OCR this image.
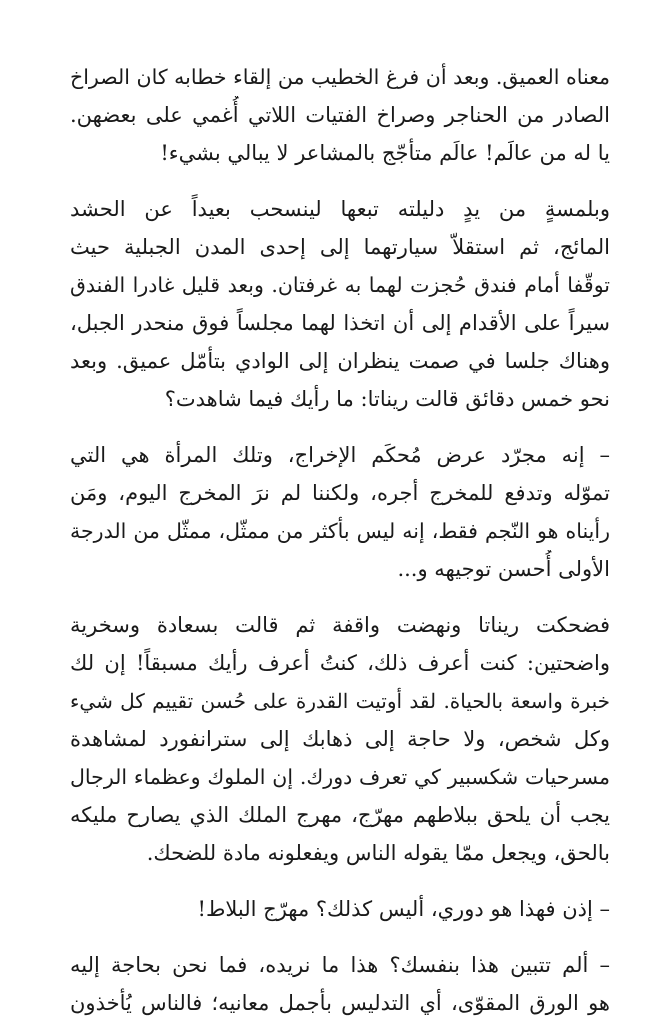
معناه العميق. وبعد أن فرغ الخطيب من إلقاء خطابه كان الصراخ
الصادر من الحناجر وصراخ الفتيات اللاتي أُغمي على بعضهن.
يا له من عالَم! عالَم متأجّج بالمشاعر لا يبالي بشيء!
وبلمسةٍ من يدٍ دليلته تبعها لينسحب بعيداً عن الحشد
المائج، ثم استقلاّ سيارتهما إلى إحدى المدن الجبلية حيث
توقّفا أمام فندق حُجزت لهما به غرفتان. وبعد قليل غادرا الفندق
سيراً على الأقدام إلى أن اتخذا لهما مجلساً فوق منحدر الجبل،
وهناك جلسا في صمت ينظران إلى الوادي بتأمّل عميق. وبعد
نحو خمس دقائق قالت ريناتا: ما رأيك فيما شاهدت؟
– إنه مجرّد عرض مُحكَم الإخراج، وتلك المرأة هي التي
تموّله وتدفع للمخرج أجره، ولكننا لم نرَ المخرج اليوم، ومَن
رأيناه هو النّجم فقط، إنه ليس بأكثر من ممثّل، ممثّل من الدرجة
الأولى أُحسن توجيهه و...
فضحكت ريناتا ونهضت واقفة ثم قالت بسعادة وسخرية
واضحتين: كنت أعرف ذلك، كنتُ أعرف رأيك مسبقاً! إن لك
خبرة واسعة بالحياة. لقد أوتيت القدرة على حُسن تقييم كل شيء
وكل شخص، ولا حاجة إلى ذهابك إلى سترانفورد لمشاهدة
مسرحيات شكسبير كي تعرف دورك. إن الملوك وعظماء الرجال
يجب أن يلحق ببلاطهم مهرّج، مهرج الملك الذي يصارح مليكه
بالحق، ويجعل ممّا يقوله الناس ويفعلونه مادة للضحك.
– إذن فهذا هو دوري، أليس كذلك؟ مهرّج البلاط!
– ألم تتبين هذا بنفسك؟ هذا ما نريده، فما نحن بحاجة إليه
هو الورق المقوّى، أي التدليس بأجمل معانيه؛ فالناس يُأخذون
